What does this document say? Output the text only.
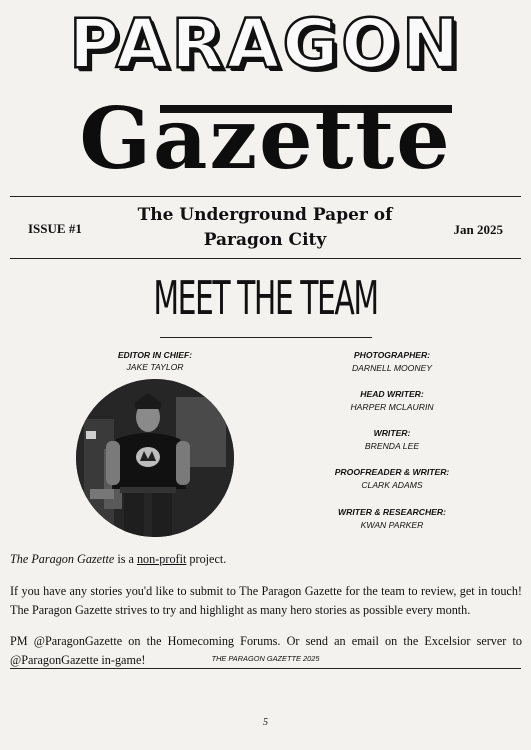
PARAGON
Gazette
ISSUE #1
The Underground Paper of
Paragon City
Jan 2025
MEET THE TEAM
EDITOR IN CHIEF:
JAKE TAYLOR
PHOTOGRAPHER:
DARNELL MOONEY
HEAD WRITER:
HARPER MCLAURIN
WRITER:
BRENDA LEE
PROOFREADER & WRITER:
CLARK ADAMS
WRITER & RESEARCHER:
KWAN PARKER
The Paragon Gazette is a non-profit project.
If you have any stories you'd like to submit to The Paragon Gazette for the team to review, get in touch! The Paragon Gazette strives to try and highlight as many hero stories as possible every month.
PM @ParagonGazette on the Homecoming Forums. Or send an email on the Excelsior server to @ParagonGazette in-game!	THE PARAGON GAZETTE 2025
5
